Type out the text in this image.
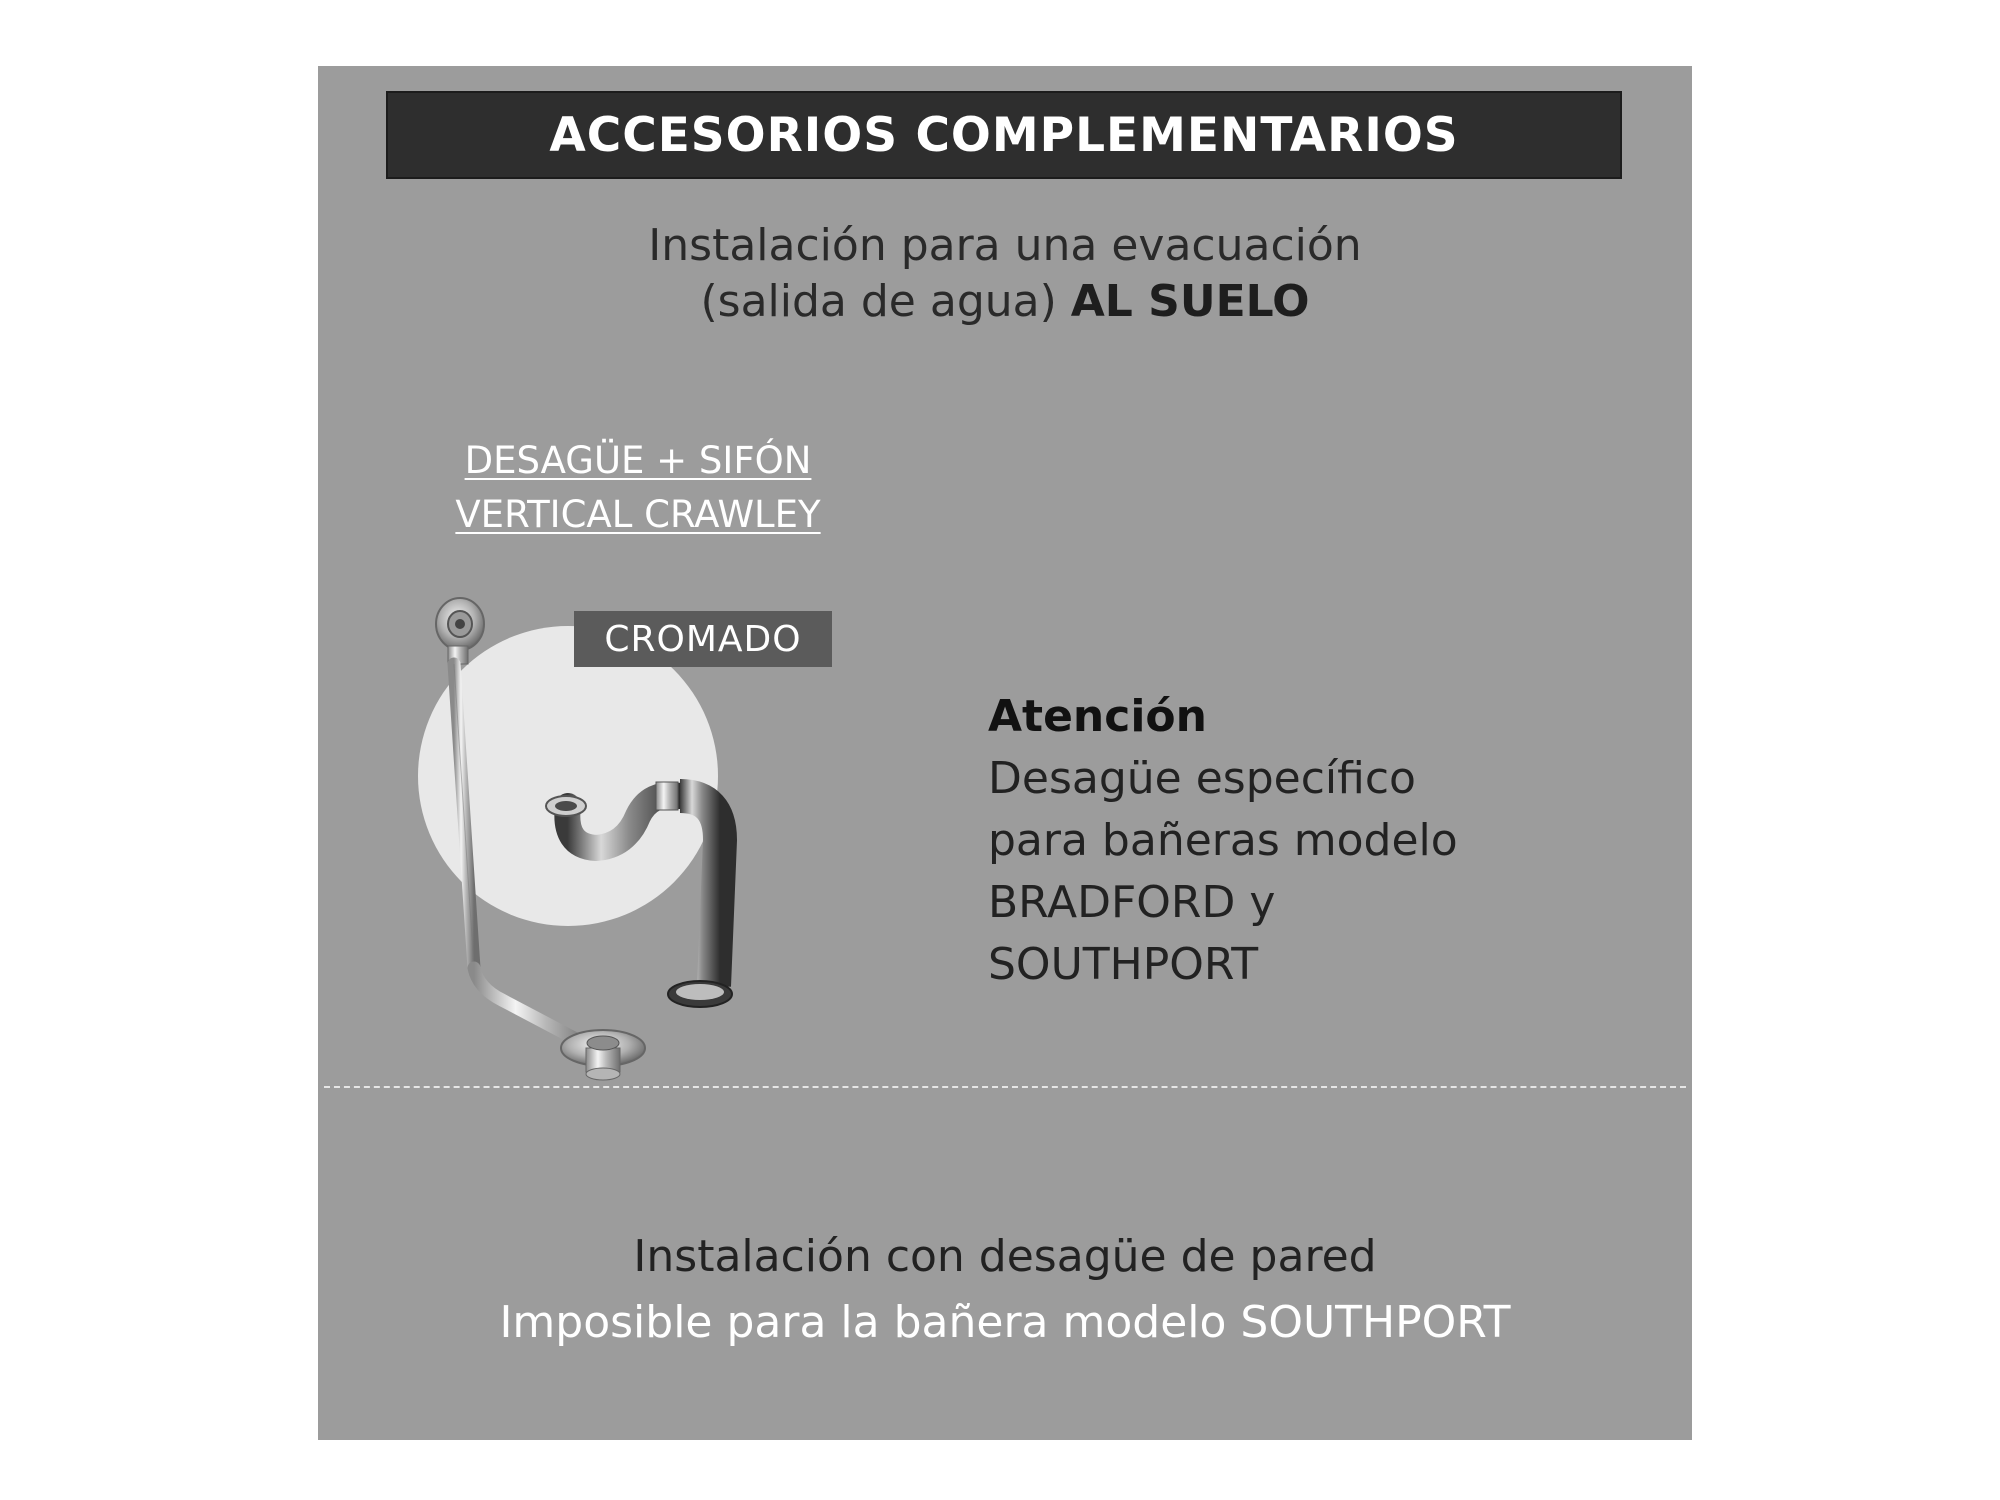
ACCESORIOS COMPLEMENTARIOS
Instalación para una evacuación
(salida de agua) AL SUELO
DESAGÜE + SIFÓN
VERTICAL CRAWLEY
CROMADO
Atención
Desagüe específico
para bañeras modelo
BRADFORD y
SOUTHPORT
Instalación con desagüe de pared
Imposible para la bañera modelo SOUTHPORT
